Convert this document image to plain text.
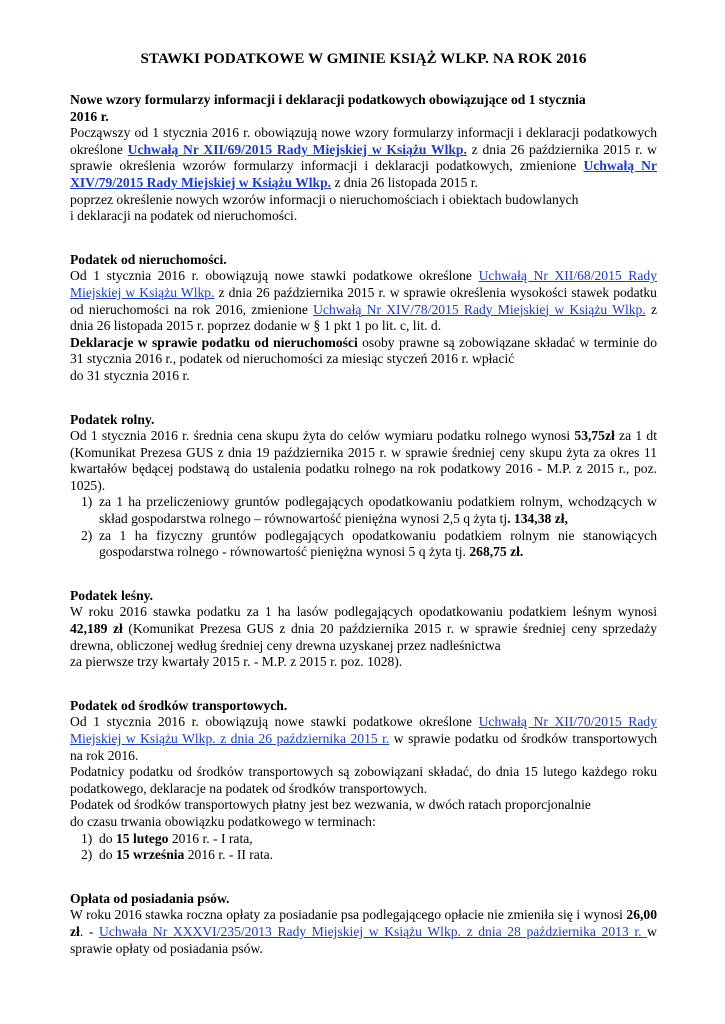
STAWKI PODATKOWE W GMINIE KSIĄŻ WLKP. NA ROK 2016
Nowe wzory formularzy informacji i deklaracji podatkowych obowiązujące od 1 stycznia
2016 r.
Począwszy od 1 stycznia 2016 r. obowiązują nowe wzory formularzy informacji i deklaracji podatkowych określone Uchwałą Nr XII/69/2015 Rady Miejskiej w Książu Wlkp. z dnia 26 października 2015 r. w sprawie określenia wzorów formularzy informacji i deklaracji podatkowych, zmienione Uchwałą Nr XIV/79/2015 Rady Miejskiej w Książu Wlkp. z dnia 26 listopada 2015 r.
poprzez określenie nowych wzorów informacji o nieruchomościach i obiektach budowlanych
i deklaracji na podatek od nieruchomości.
Podatek od nieruchomości.
Od 1 stycznia 2016 r. obowiązują nowe stawki podatkowe określone Uchwałą Nr XII/68/2015 Rady Miejskiej w Książu Wlkp. z dnia 26 października 2015 r. w sprawie określenia wysokości stawek podatku od nieruchomości na rok 2016, zmienione Uchwałą Nr XIV/78/2015 Rady Miejskiej w Książu Wlkp. z dnia 26 listopada 2015 r. poprzez dodanie w § 1 pkt 1 po lit. c, lit. d.
Deklaracje w sprawie podatku od nieruchomości osoby prawne są zobowiązane składać w terminie do 31 stycznia 2016 r., podatek od nieruchomości za miesiąc styczeń 2016 r. wpłacić
do 31 stycznia 2016 r.
Podatek rolny.
Od 1 stycznia 2016 r. średnia cena skupu żyta do celów wymiaru podatku rolnego wynosi 53,75zł za 1 dt (Komunikat Prezesa GUS z dnia 19 października 2015 r. w sprawie średniej ceny skupu żyta za okres 11 kwartałów będącej podstawą do ustalenia podatku rolnego na rok podatkowy 2016 - M.P. z 2015 r., poz. 1025).
1) za 1 ha przeliczeniowy gruntów podlegających opodatkowaniu podatkiem rolnym, wchodzących w skład gospodarstwa rolnego – równowartość pieniężna wynosi 2,5 q żyta tj. 134,38 zł,
2) za 1 ha fizyczny gruntów podlegających opodatkowaniu podatkiem rolnym nie stanowiących gospodarstwa rolnego - równowartość pieniężna wynosi 5 q żyta tj. 268,75 zł.
Podatek leśny.
W roku 2016 stawka podatku za 1 ha lasów podlegających opodatkowaniu podatkiem leśnym wynosi 42,189 zł (Komunikat Prezesa GUS z dnia 20 października 2015 r. w sprawie średniej ceny sprzedaży drewna, obliczonej według średniej ceny drewna uzyskanej przez nadleśnictwa
za pierwsze trzy kwartały 2015 r. - M.P. z 2015 r. poz. 1028).
Podatek od środków transportowych.
Od 1 stycznia 2016 r. obowiązują nowe stawki podatkowe określone Uchwałą Nr XII/70/2015 Rady Miejskiej w Książu Wlkp. z dnia 26 października 2015 r. w sprawie podatku od środków transportowych na rok 2016.
Podatnicy podatku od środków transportowych są zobowiązani składać, do dnia 15 lutego każdego roku podatkowego, deklaracje na podatek od środków transportowych.
Podatek od środków transportowych płatny jest bez wezwania, w dwóch ratach proporcjonalnie
do czasu trwania obowiązku podatkowego w terminach:
1) do 15 lutego 2016 r. - I rata,
2) do 15 września 2016 r. - II rata.
Opłata od posiadania psów.
W roku 2016 stawka roczna opłaty za posiadanie psa podlegającego opłacie nie zmieniła się i wynosi 26,00 zł. - Uchwała Nr XXXVI/235/2013 Rady Miejskiej w Książu Wlkp. z dnia 28 października 2013 r. w sprawie opłaty od posiadania psów.
